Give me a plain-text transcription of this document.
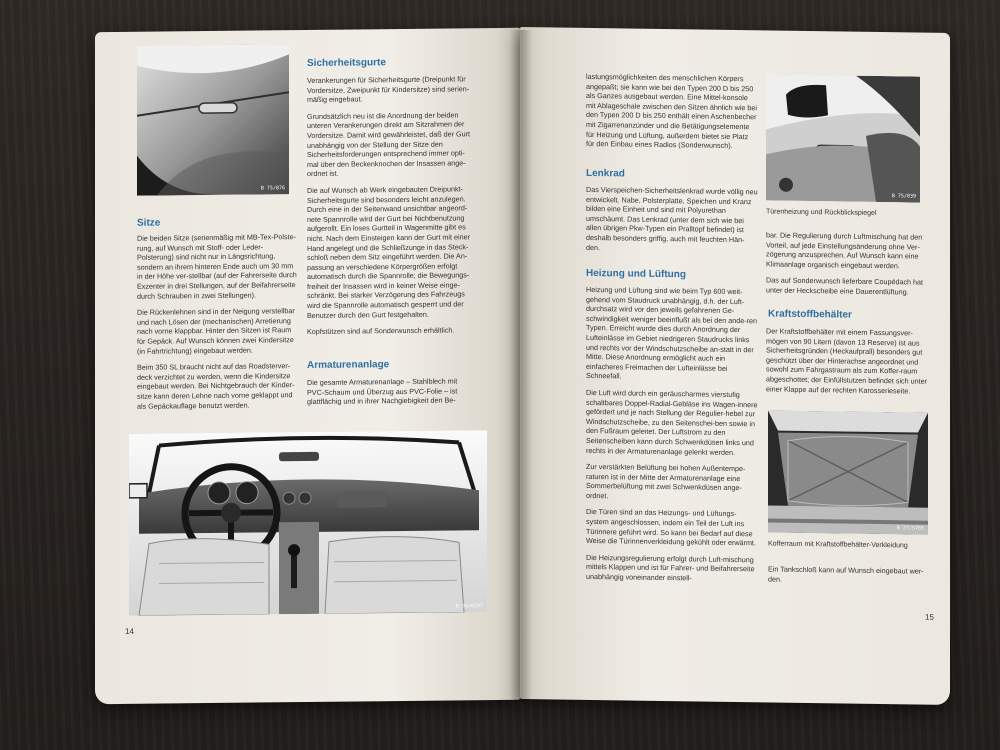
B 75/076
Sitze

Die beiden Sitze (serienmäßig mit MB-Tex-Polste-rung, auf Wunsch mit Stoff- oder Leder-Polsterung) sind nicht nur in Längsrichtung, sondern an ihrem hinteren Ende auch um 30 mm in der Höhe ver-stellbar (auf der Fahrerseite durch Exzenter in drei Stellungen, auf der Beifahrerseite durch Schrauben in zwei Stellungen).

Die Rückenlehnen sind in der Neigung verstellbar und nach Lösen der (mechanischen) Arretierung nach vorne klappbar. Hinter den Sitzen ist Raum für Gepäck. Auf Wunsch können zwei Kindersitze (in Fahrtrichtung) eingebaut werden.

Beim 350 SL braucht nicht auf das Roadsterver-deck verzichtet zu werden, wenn die Kindersitze eingebaut werden. Bei Nichtgebrauch der Kinder-sitze kann deren Lehne nach vorne geklappt und als Gepäckauflage benutzt werden.

Sicherheitsgurte

Verankerungen für Sicherheitsgurte (Dreipunkt für Vordersitze, Zweipunkt für Kindersitze) sind serien-mäßig eingebaut.

Grundsätzlich neu ist die Anordnung der beiden unteren Verankerungen direkt am Sitzrahmen der Vordersitze. Damit wird gewährleistet, daß der Gurt unabhängig von der Stellung der Sitze den Sicherheitsforderungen entsprechend immer opti-mal über den Beckenknochen der Insassen ange-ordnet ist.

Die auf Wunsch ab Werk eingebauten Dreipunkt-Sicherheitsgurte sind besonders leicht anzulegen. Durch eine in der Seitenwand unsichtbar angeord-nete Spannrolle wird der Gurt bei Nichtbenutzung aufgerollt. Ein loses Gurtteil in Wagenmitte gibt es nicht. Nach dem Einsteigen kann der Gurt mit einer Hand angelegt und die Schließzunge in das Steck-schloß neben dem Sitz eingeführt werden. Die An-passung an verschiedene Körpergrößen erfolgt automatisch durch die Spannrolle; die Bewegungs-freiheit der Insassen wird in keiner Weise einge-schränkt. Bei starker Verzögerung des Fahrzeugs wird die Spannrolle automatisch gesperrt und der Benutzer durch den Gurt festgehalten.

Kopfstützen sind auf Sonderwunsch erhältlich.

Armaturenanlage

Die gesamte Armaturenanlage – Stahlblech mit PVC-Schaum und Überzug aus PVC-Folie – ist glattflächig und in ihrer Nachgiebigkeit den Be-

B 34/0297
14

lastungsmöglichkeiten des menschlichen Körpers angepaßt; sie kann wie bei den Typen 200 D bis 250 als Ganzes ausgebaut werden. Eine Mittel-konsole mit Ablageschale zwischen den Sitzen ähnlich wie bei den Typen 200 D bis 250 enthält einen Aschenbecher mit Zigarrenanzünder und die Betätigungselemente für Heizung und Lüftung, außerdem bietet sie Platz für den Einbau eines Radios (Sonderwunsch).

Lenkrad

Das Vierspeichen-Sicherheitslenkrad wurde völlig neu entwickelt. Nabe, Polsterplatte, Speichen und Kranz bilden eine Einheit und sind mit Polyurethan umschäumt. Das Lenkrad (unter dem sich wie bei allen übrigen Pkw-Typen ein Pralltopf befindet) ist deshalb besonders griffig, auch mit feuchten Hän-den.

Heizung und Lüftung

Heizung und Lüftung sind wie beim Typ 600 weit-gehend vom Staudruck unabhängig, d.h. der Luft-durchsatz wird vor den jeweils gefahrenen Ge-schwindigkeit weniger beeinflußt als bei den ande-ren Typen. Erreicht wurde dies durch Anordnung der Lufteinlässe im Gebiet niedrigeren Staudrucks links und rechts vor der Windschutzscheibe an-statt in der Mitte. Diese Anordnung ermöglicht auch ein einfacheres Freimachen der Lufteinlässe bei Schneefall.

Die Luft wird durch ein geräuscharmes vierstufig schaltbares Doppel-Radial-Gebläse ins Wagen-innere gefördert und je nach Stellung der Regulier-hebel zur Windschutzscheibe, zu den Seitenschei-ben sowie in den Fußraum geleitet. Der Luftstrom zu den Seitenscheiben kann durch Schwenkdüsen links und rechts in der Armaturenanlage gelenkt werden.

Zur verstärkten Belüftung bei hohen Außentempe-raturen ist in der Mitte der Armaturenanlage eine Sommerbelüftung mit zwei Schwenkdüsen ange-ordnet.

Die Türen sind an das Heizungs- und Lüftungs-system angeschlossen, indem ein Teil der Luft ins Türinnere geführt wird. So kann bei Bedarf auf diese Weise die Türinnenverkleidung gekühlt oder erwärmt.

Die Heizungsregulierung erfolgt durch Luft-mischung mittels Klappen und ist für Fahrer- und Beifahrerseite unabhängig voneinander einstell-

B 75/039
Türenheizung und Rückblickspiegel

bar. Die Regulierung durch Luftmischung hat den Vorteil, auf jede Einstellungsänderung ohne Ver-zögerung anzusprechen. Auf Wunsch kann eine Klimaanlage organisch eingebaut werden.

Das auf Sonderwunsch lieferbare Coupédach hat unter der Heckscheibe eine Dauerentlüftung.

Kraftstoffbehälter

Der Kraftstoffbehälter mit einem Fassungsver-mögen von 90 Litern (davon 13 Reserve) ist aus Sicherheitsgründen (Heckaufprall) besonders gut geschützt über der Hinterachse angeordnet und sowohl zum Fahrgastraum als zum Koffer-raum abgeschottet; der Einfüllstutzen befindet sich unter einer Klappe auf der rechten Karosserieseite.

B 27/5765
Kofferraum mit Kraftstoffbehälter-Verkleidung

Ein Tankschloß kann auf Wunsch eingebaut wer-den.

15
